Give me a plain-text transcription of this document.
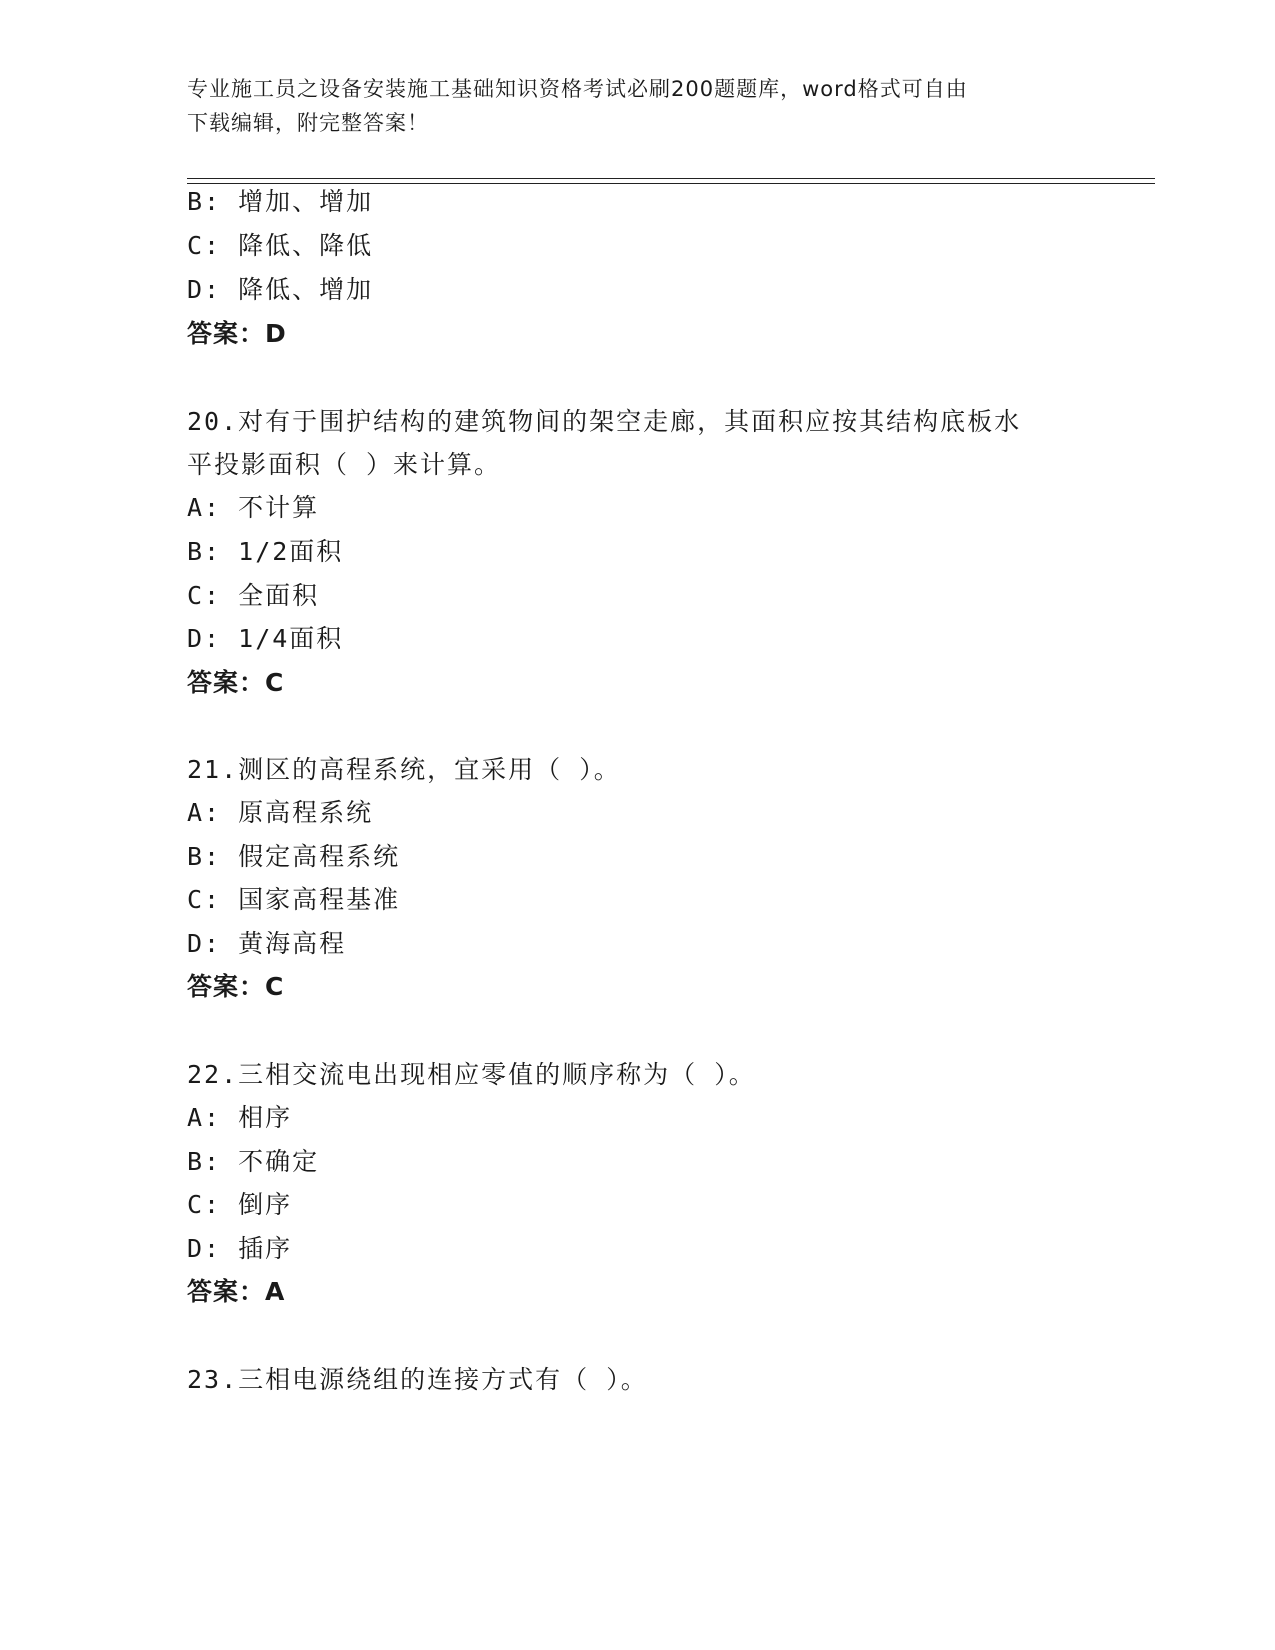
专业施工员之设备安装施工基础知识资格考试必刷200题题库，word格式可自由
下载编辑，附完整答案！
B: 增加、增加
C: 降低、降低
D: 降低、增加
答案：D
20.对有于围护结构的建筑物间的架空走廊，其面积应按其结构底板水
平投影面积（ ）来计算。
A: 不计算
B: 1/2面积
C: 全面积
D: 1/4面积
答案：C
21.测区的高程系统，宜采用（ ）。
A: 原高程系统
B: 假定高程系统
C: 国家高程基准
D: 黄海高程
答案：C
22.三相交流电出现相应零值的顺序称为（ ）。
A: 相序
B: 不确定
C: 倒序
D: 插序
答案：A
23.三相电源绕组的连接方式有（ ）。
